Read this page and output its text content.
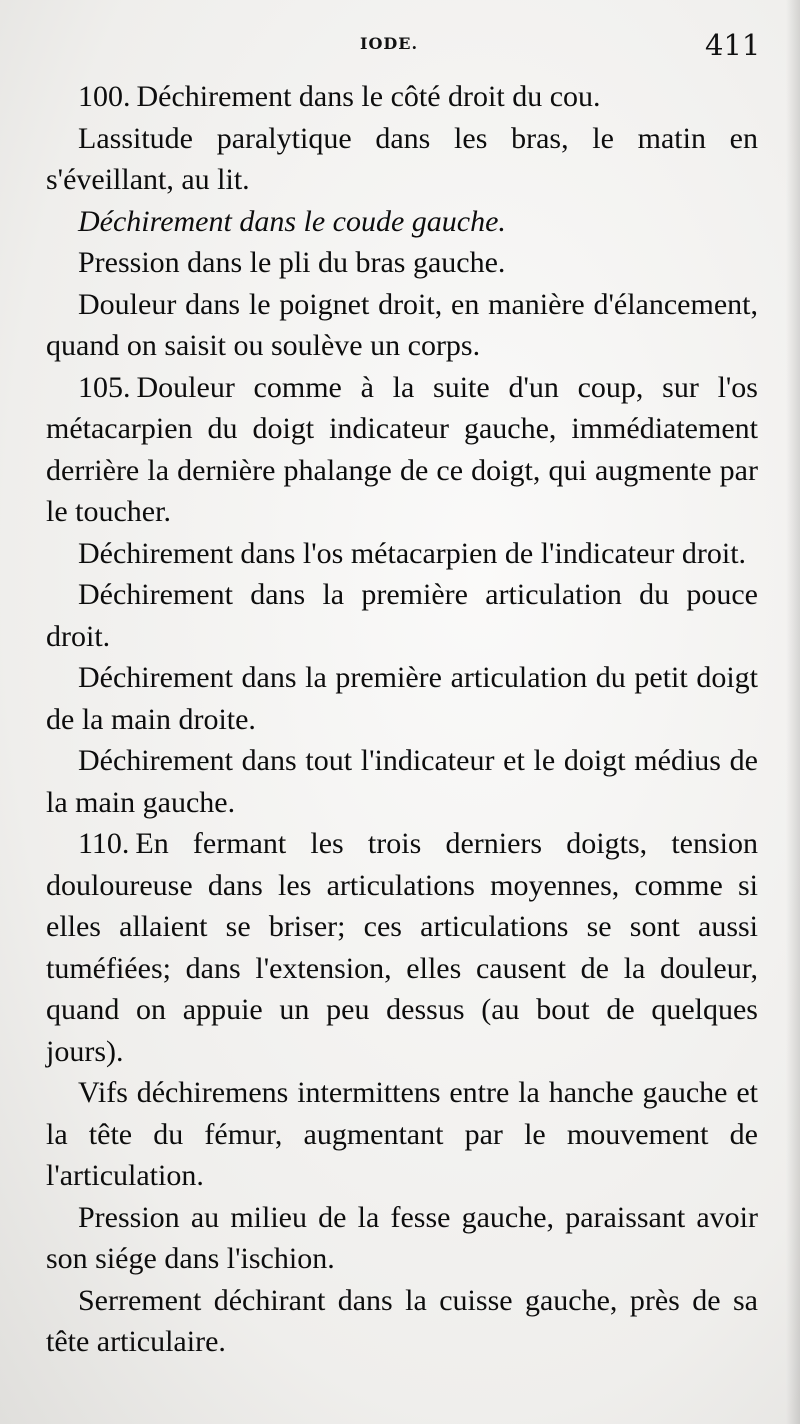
IODE.	411

100. Déchirement dans le côté droit du cou.

Lassitude paralytique dans les bras, le matin en s'éveillant, au lit.

Déchirement dans le coude gauche.

Pression dans le pli du bras gauche.

Douleur dans le poignet droit, en manière d'élancement, quand on saisit ou soulève un corps.

105. Douleur comme à la suite d'un coup, sur l'os métacarpien du doigt indicateur gauche, immédiatement derrière la dernière phalange de ce doigt, qui augmente par le toucher.

Déchirement dans l'os métacarpien de l'indicateur droit.

Déchirement dans la première articulation du pouce droit.

Déchirement dans la première articulation du petit doigt de la main droite.

Déchirement dans tout l'indicateur et le doigt médius de la main gauche.

110. En fermant les trois derniers doigts, tension douloureuse dans les articulations moyennes, comme si elles allaient se briser; ces articulations se sont aussi tuméfiées; dans l'extension, elles causent de la douleur, quand on appuie un peu dessus (au bout de quelques jours).

Vifs déchiremens intermittens entre la hanche gauche et la tête du fémur, augmentant par le mouvement de l'articulation.

Pression au milieu de la fesse gauche, paraissant avoir son siége dans l'ischion.

Serrement déchirant dans la cuisse gauche, près de sa tête articulaire.
